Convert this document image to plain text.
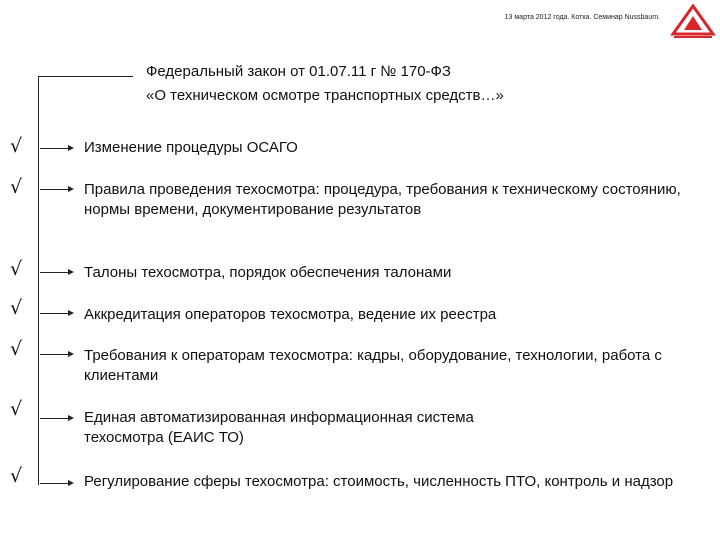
13 марта 2012 года. Котка. Семинар Nussbaum.
Федеральный закон от 01.07.11 г № 170-ФЗ
«О техническом осмотре транспортных средств…»
√	Изменение процедуры ОСАГО
√	Правила проведения техосмотра: процедура, требования к техническому состоянию, нормы времени, документирование результатов
√	Талоны техосмотра, порядок обеспечения талонами
√	Аккредитация операторов техосмотра, ведение их реестра
√	Требования к операторам техосмотра: кадры, оборудование, технологии, работа с клиентами
√	Единая автоматизированная информационная система техосмотра (ЕАИС ТО)
√	Регулирование сферы техосмотра: стоимость, численность ПТО, контроль и надзор
